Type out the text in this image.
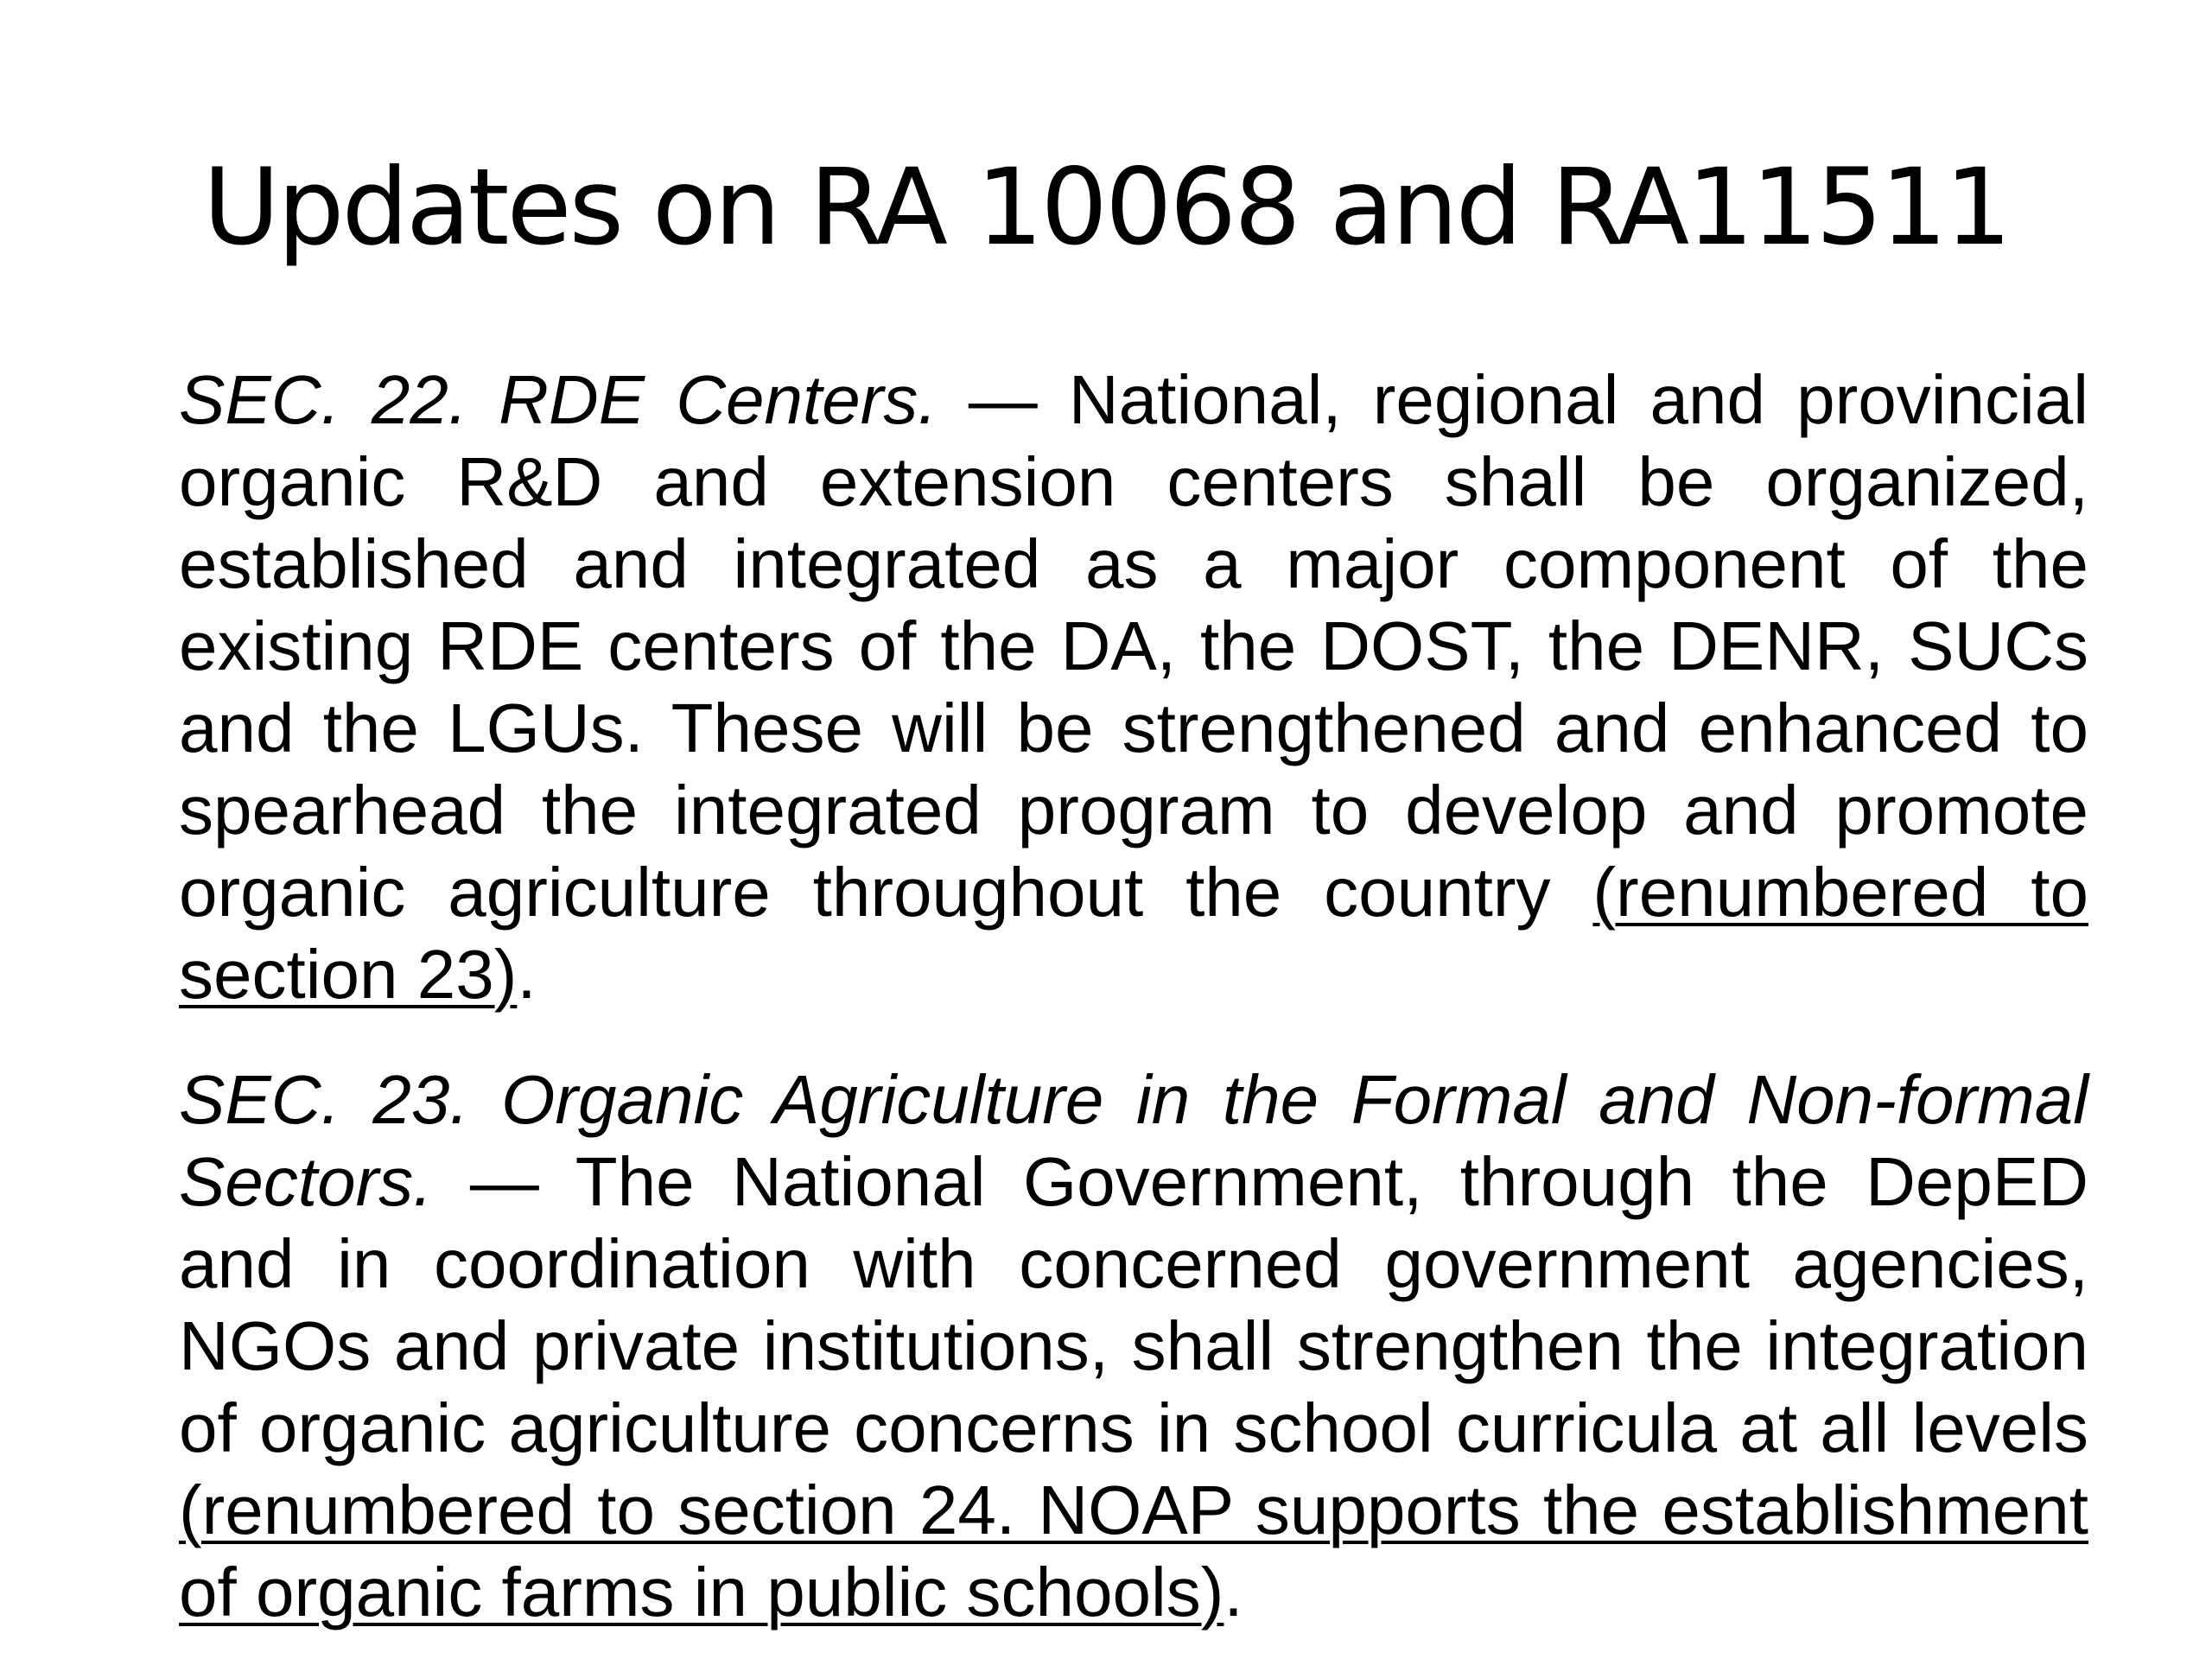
Updates on RA 10068 and RA11511

SEC. 22. RDE Centers. — National, regional and provincial organic R&D and extension centers shall be organized, established and integrated as a major component of the existing RDE centers of the DA, the DOST, the DENR, SUCs and the LGUs. These will be strengthened and enhanced to spearhead the integrated program to develop and promote organic agriculture throughout the country (renumbered to section 23).

SEC. 23. Organic Agriculture in the Formal and Non-formal Sectors. — The National Government, through the DepED and in coordination with concerned government agencies, NGOs and private institutions, shall strengthen the integration of organic agriculture concerns in school curricula at all levels (renumbered to section 24. NOAP supports the establishment of organic farms in public schools).
